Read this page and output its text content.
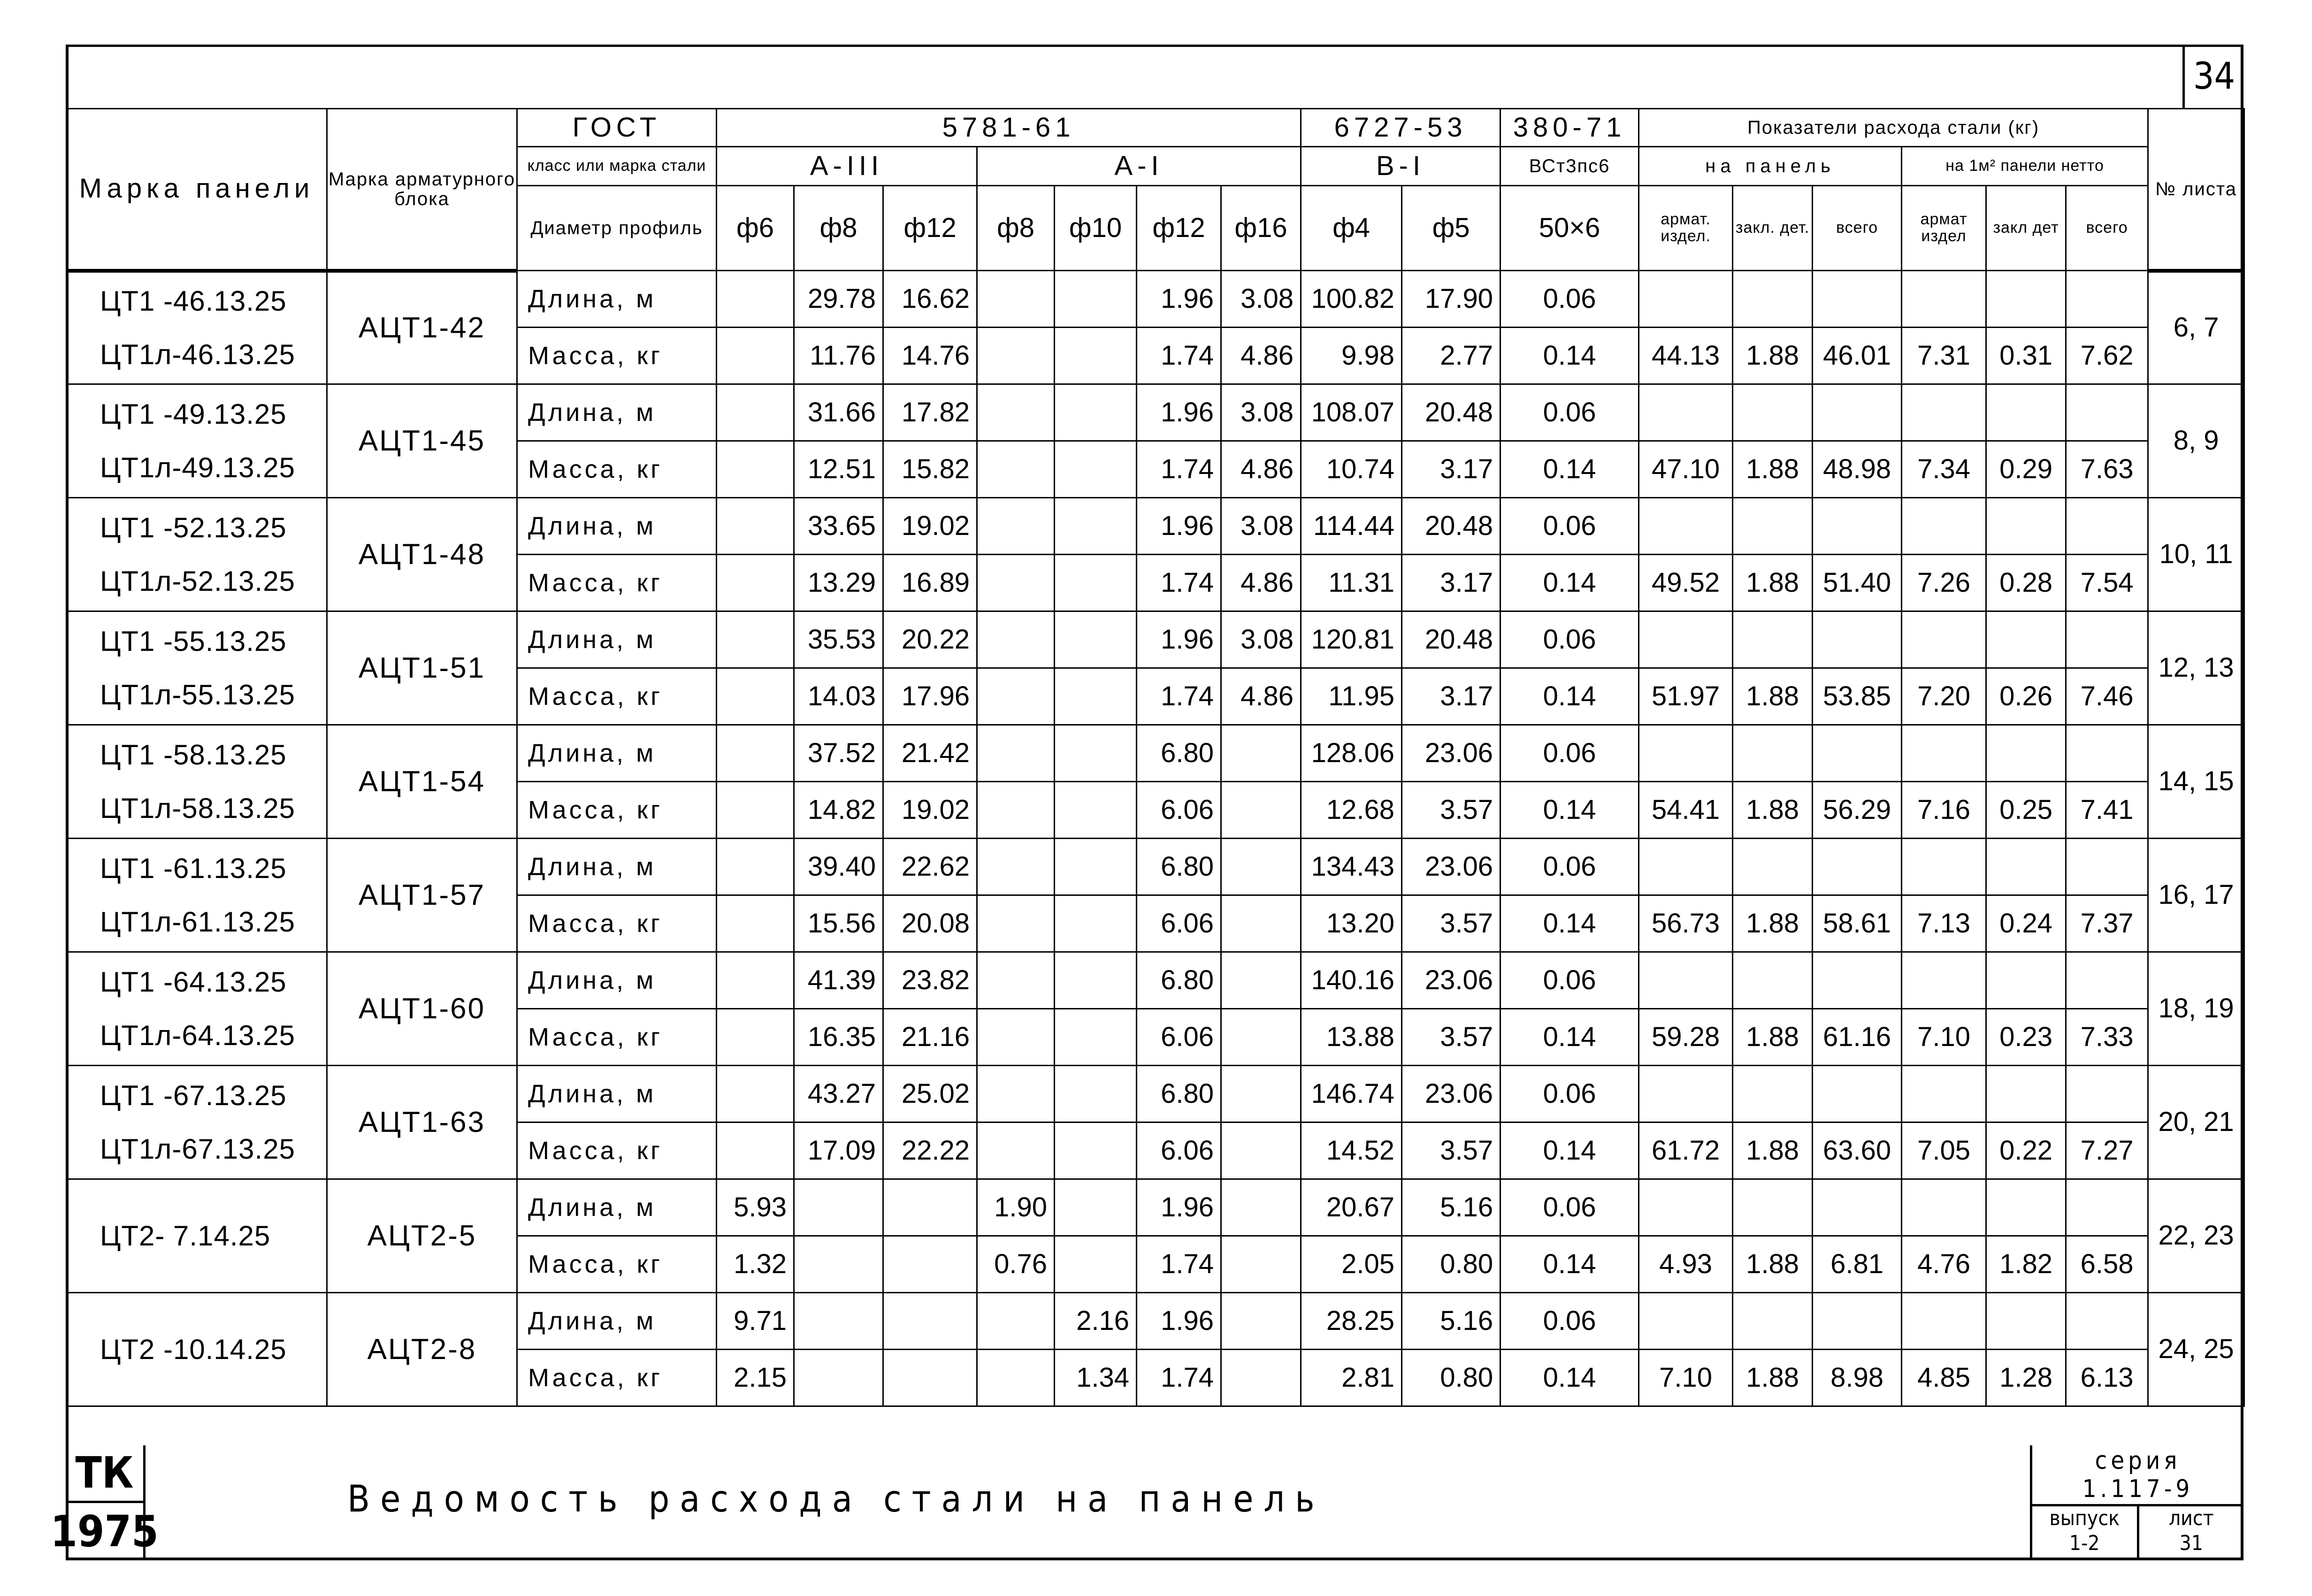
34
Марка панели	Марка арматурного блока	ГОСТ	5781-61							6727-53		380-71	Показатели расхода стали (кг)						№ листа
		класс или марка стали	А-III			А-I				В-I		ВСт3пс6	на панель			на 1м² панели нетто			
		Диаметр профиль	ф6	ф8	ф12	ф8	ф10	ф12	ф16	ф4	ф5	50×6	армат. издел.	закл. дет.	всего	армат издел	закл дет	всего	

ЦТ1 -46.13.25
ЦТ1л-46.13.25	АЦТ1-42	Длина, м		29.78	16.62			1.96	3.08	100.82	17.90	0.06							6, 7
		Масса, кг		11.76	14.76			1.74	4.86	9.98	2.77	0.14	44.13	1.88	46.01	7.31	0.31	7.62	

ЦТ1 -49.13.25
ЦТ1л-49.13.25	АЦТ1-45	Длина, м		31.66	17.82			1.96	3.08	108.07	20.48	0.06							8, 9
		Масса, кг		12.51	15.82			1.74	4.86	10.74	3.17	0.14	47.10	1.88	48.98	7.34	0.29	7.63	

ЦТ1 -52.13.25
ЦТ1л-52.13.25	АЦТ1-48	Длина, м		33.65	19.02			1.96	3.08	114.44	20.48	0.06							10, 11
		Масса, кг		13.29	16.89			1.74	4.86	11.31	3.17	0.14	49.52	1.88	51.40	7.26	0.28	7.54	

ЦТ1 -55.13.25
ЦТ1л-55.13.25	АЦТ1-51	Длина, м		35.53	20.22			1.96	3.08	120.81	20.48	0.06							12, 13
		Масса, кг		14.03	17.96			1.74	4.86	11.95	3.17	0.14	51.97	1.88	53.85	7.20	0.26	7.46	

ЦТ1 -58.13.25
ЦТ1л-58.13.25	АЦТ1-54	Длина, м		37.52	21.42			6.80		128.06	23.06	0.06							14, 15
		Масса, кг		14.82	19.02			6.06		12.68	3.57	0.14	54.41	1.88	56.29	7.16	0.25	7.41	

ЦТ1 -61.13.25
ЦТ1л-61.13.25	АЦТ1-57	Длина, м		39.40	22.62			6.80		134.43	23.06	0.06							16, 17
		Масса, кг		15.56	20.08			6.06		13.20	3.57	0.14	56.73	1.88	58.61	7.13	0.24	7.37	

ЦТ1 -64.13.25
ЦТ1л-64.13.25	АЦТ1-60	Длина, м		41.39	23.82			6.80		140.16	23.06	0.06							18, 19
		Масса, кг		16.35	21.16			6.06		13.88	3.57	0.14	59.28	1.88	61.16	7.10	0.23	7.33	

ЦТ1 -67.13.25
ЦТ1л-67.13.25	АЦТ1-63	Длина, м		43.27	25.02			6.80		146.74	23.06	0.06							20, 21
		Масса, кг		17.09	22.22			6.06		14.52	3.57	0.14	61.72	1.88	63.60	7.05	0.22	7.27	

ЦТ2- 7.14.25	АЦТ2-5	Длина, м	5.93			1.90		1.96		20.67	5.16	0.06							22, 23
		Масса, кг	1.32			0.76		1.74		2.05	0.80	0.14	4.93	1.88	6.81	4.76	1.82	6.58	

ЦТ2 -10.14.25	АЦТ2-8	Длина, м	9.71				2.16	1.96		28.25	5.16	0.06							24, 25
		Масса, кг	2.15				1.34	1.74		2.81	0.80	0.14	7.10	1.88	8.98	4.85	1.28	6.13	
ТК
1975
Ведомость расхода стали на панель
серия
1.117-9
выпуск
1-2
лист
31
